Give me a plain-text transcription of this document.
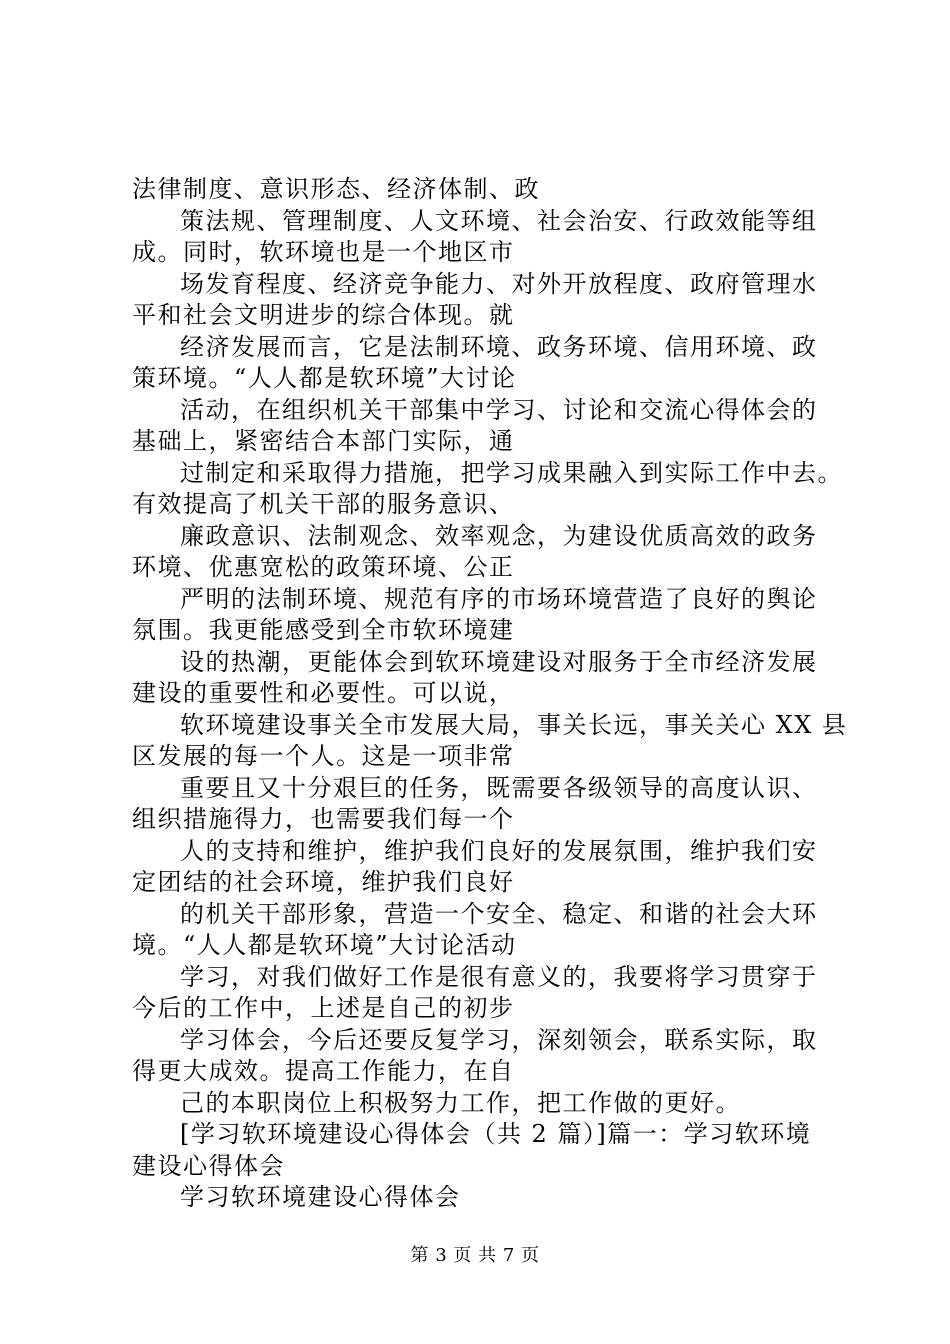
法律制度、意识形态、经济体制、政

策法规、管理制度、人文环境、社会治安、行政效能等组
成。同时，软环境也是一个地区市

场发育程度、经济竞争能力、对外开放程度、政府管理水
平和社会文明进步的综合体现。就

经济发展而言，它是法制环境、政务环境、信用环境、政
策环境。“人人都是软环境”大讨论

活动，在组织机关干部集中学习、讨论和交流心得体会的
基础上，紧密结合本部门实际，通

过制定和采取得力措施，把学习成果融入到实际工作中去。
有效提高了机关干部的服务意识、

廉政意识、法制观念、效率观念，为建设优质高效的政务
环境、优惠宽松的政策环境、公正

严明的法制环境、规范有序的市场环境营造了良好的舆论
氛围。我更能感受到全市软环境建

设的热潮，更能体会到软环境建设对服务于全市经济发展
建设的重要性和必要性。可以说，

软环境建设事关全市发展大局，事关长远，事关关心 XX 县
区发展的每一个人。这是一项非常

重要且又十分艰巨的任务，既需要各级领导的高度认识、
组织措施得力，也需要我们每一个

人的支持和维护，维护我们良好的发展氛围，维护我们安
定团结的社会环境，维护我们良好

的机关干部形象，营造一个安全、稳定、和谐的社会大环
境。“人人都是软环境”大讨论活动

学习，对我们做好工作是很有意义的，我要将学习贯穿于
今后的工作中，上述是自己的初步

学习体会，今后还要反复学习，深刻领会，联系实际，取
得更大成效。提高工作能力，在自

己的本职岗位上积极努力工作，把工作做的更好。

[学习软环境建设心得体会（共 2 篇）]篇一：学习软环境
建设心得体会

学习软环境建设心得体会

第 3 页 共 7 页
